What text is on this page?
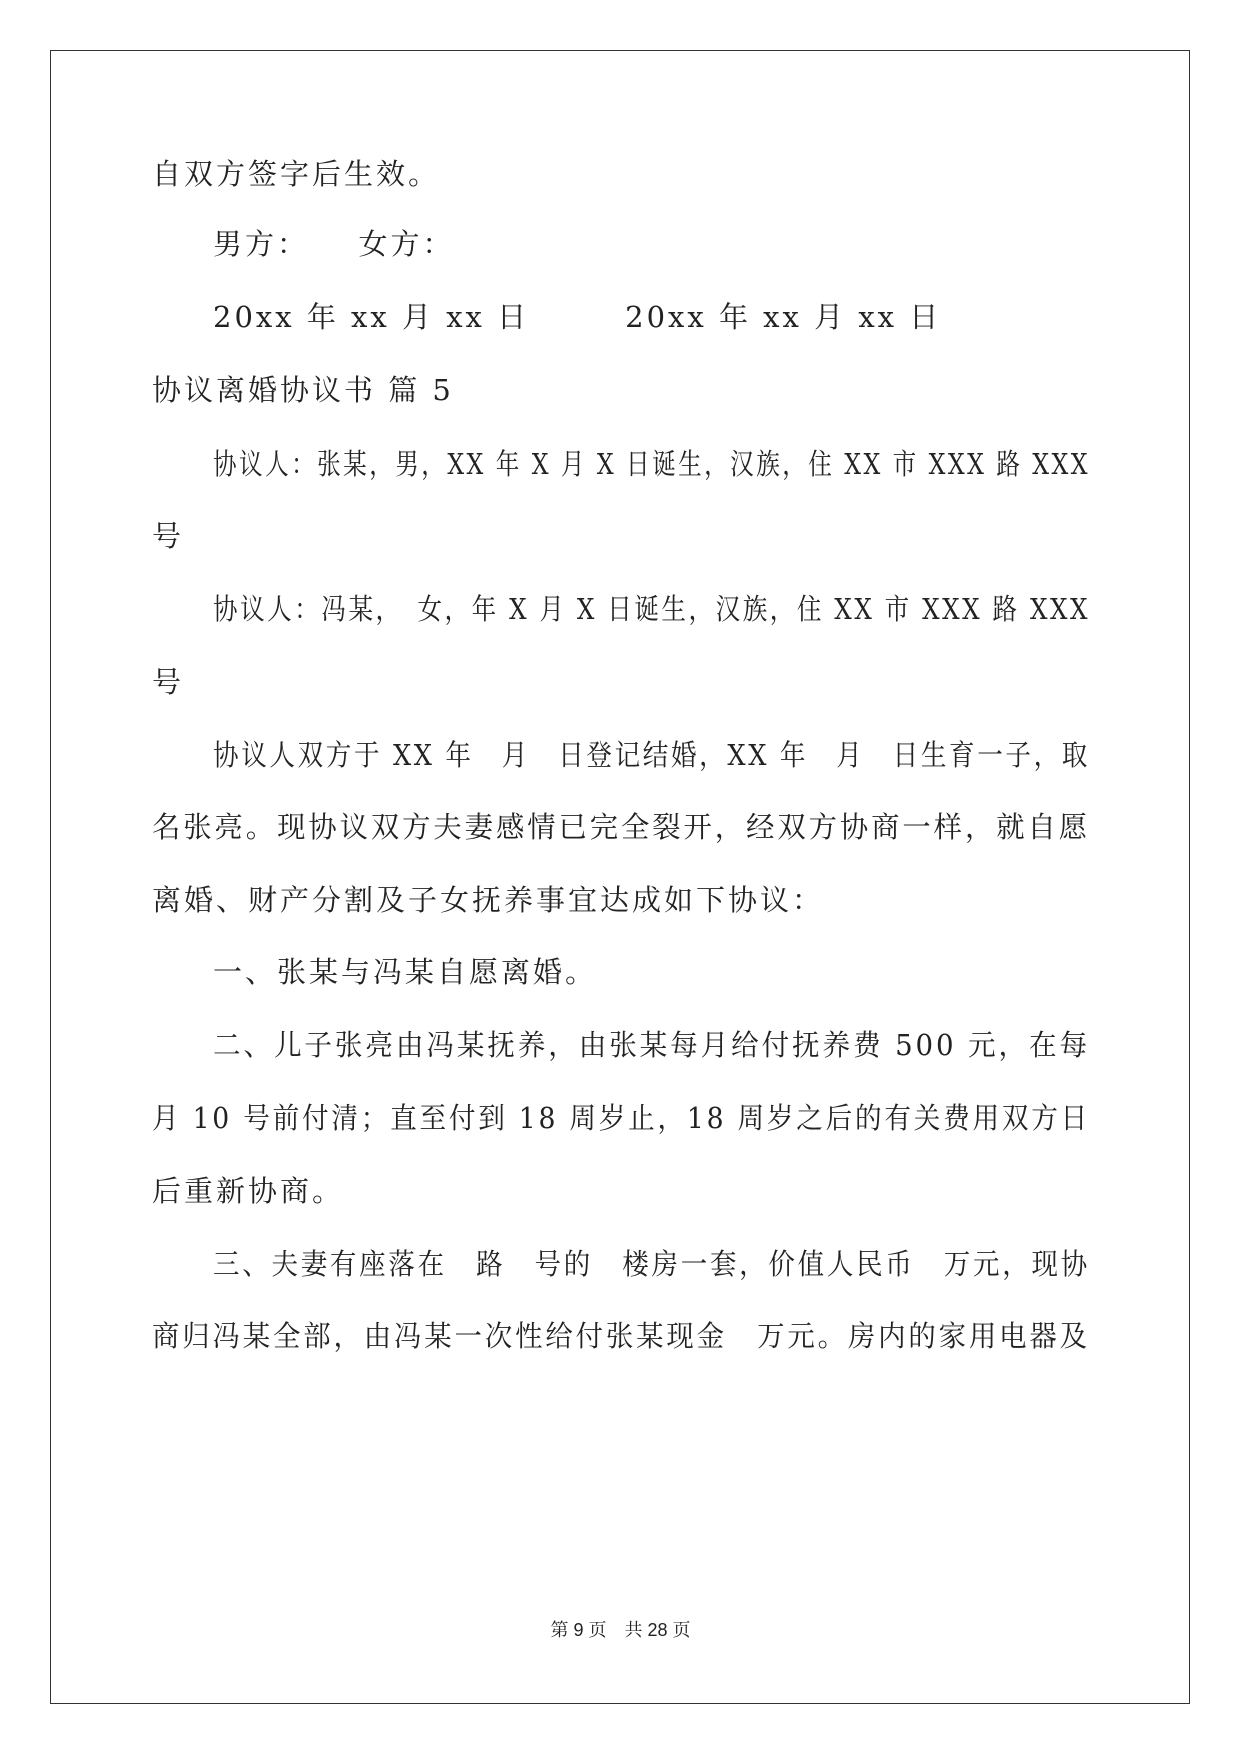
自双方签字后生效。
男方：　　女方：
20xx 年 xx 月 xx 日　　　20xx 年 xx 月 xx 日
协议离婚协议书 篇 5
协议人：张某，男，XX 年 X 月 X 日诞生，汉族，住 XX 市 XXX 路 XXX
号
协议人：冯某，　女，年 X 月 X 日诞生，汉族，住 XX 市 XXX 路 XXX
号
协议人双方于 XX 年　月　日登记结婚，XX 年　月　日生育一子，取
名张亮。现协议双方夫妻感情已完全裂开，经双方协商一样，就自愿
离婚、财产分割及子女抚养事宜达成如下协议：
一、张某与冯某自愿离婚。
二、儿子张亮由冯某抚养，由张某每月给付抚养费 500 元，在每
月 10 号前付清；直至付到 18 周岁止，18 周岁之后的有关费用双方日
后重新协商。
三、夫妻有座落在　路　号的　楼房一套，价值人民币　万元，现协
商归冯某全部，由冯某一次性给付张某现金　万元。房内的家用电器及
第 9 页　共 28 页
